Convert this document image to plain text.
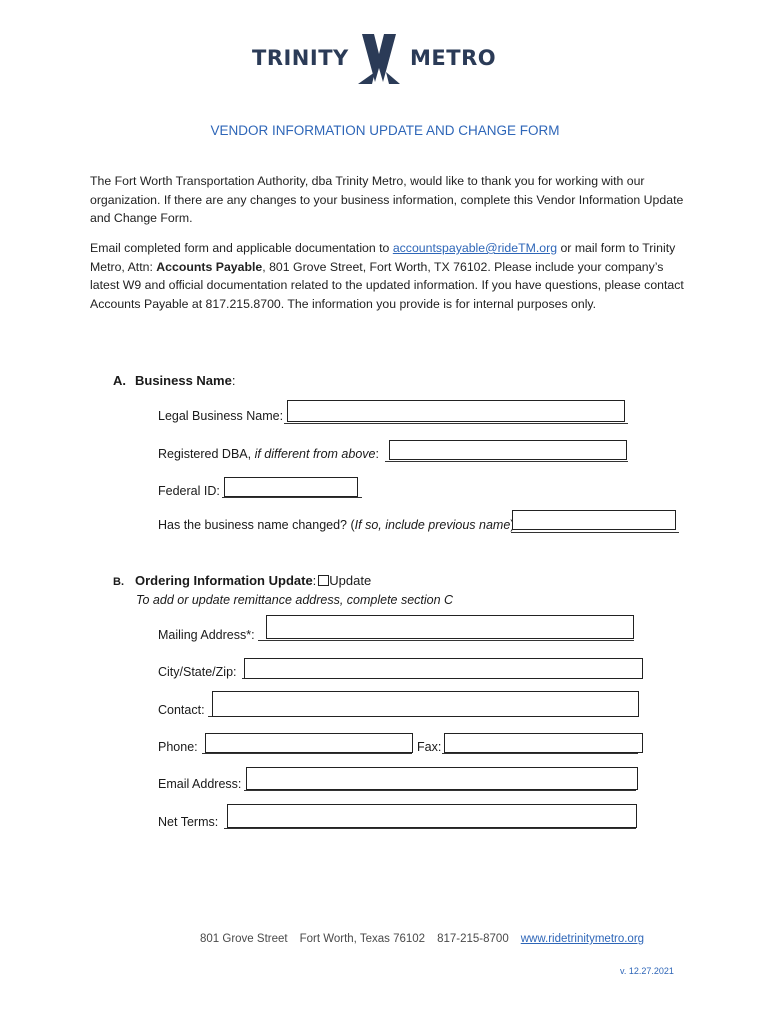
TRINITY	METRO
VENDOR INFORMATION UPDATE AND CHANGE FORM
The Fort Worth Transportation Authority, dba Trinity Metro, would like to thank you for working with our organization. If there are any changes to your business information, complete this Vendor Information Update and Change Form.
Email completed form and applicable documentation to accountspayable@rideTM.org or mail form to Trinity Metro, Attn: Accounts Payable, 801 Grove Street, Fort Worth, TX 76102. Please include your company’s latest W9 and official documentation related to the updated information. If you have questions, please contact Accounts Payable at 817.215.8700. The information you provide is for internal purposes only.
A. Business Name:
Legal Business Name:
Registered DBA, if different from above:
Federal ID:
Has the business name changed? (If so, include previous name
B. Ordering Information Update: Update
To add or update remittance address, complete section C
Mailing Address*:
City/State/Zip:
Contact:
Phone:	Fax:
Email Address:
Net Terms:
801 Grove Street Fort Worth, Texas 76102 817-215-8700 www.ridetrinitymetro.org
v. 12.27.2021
